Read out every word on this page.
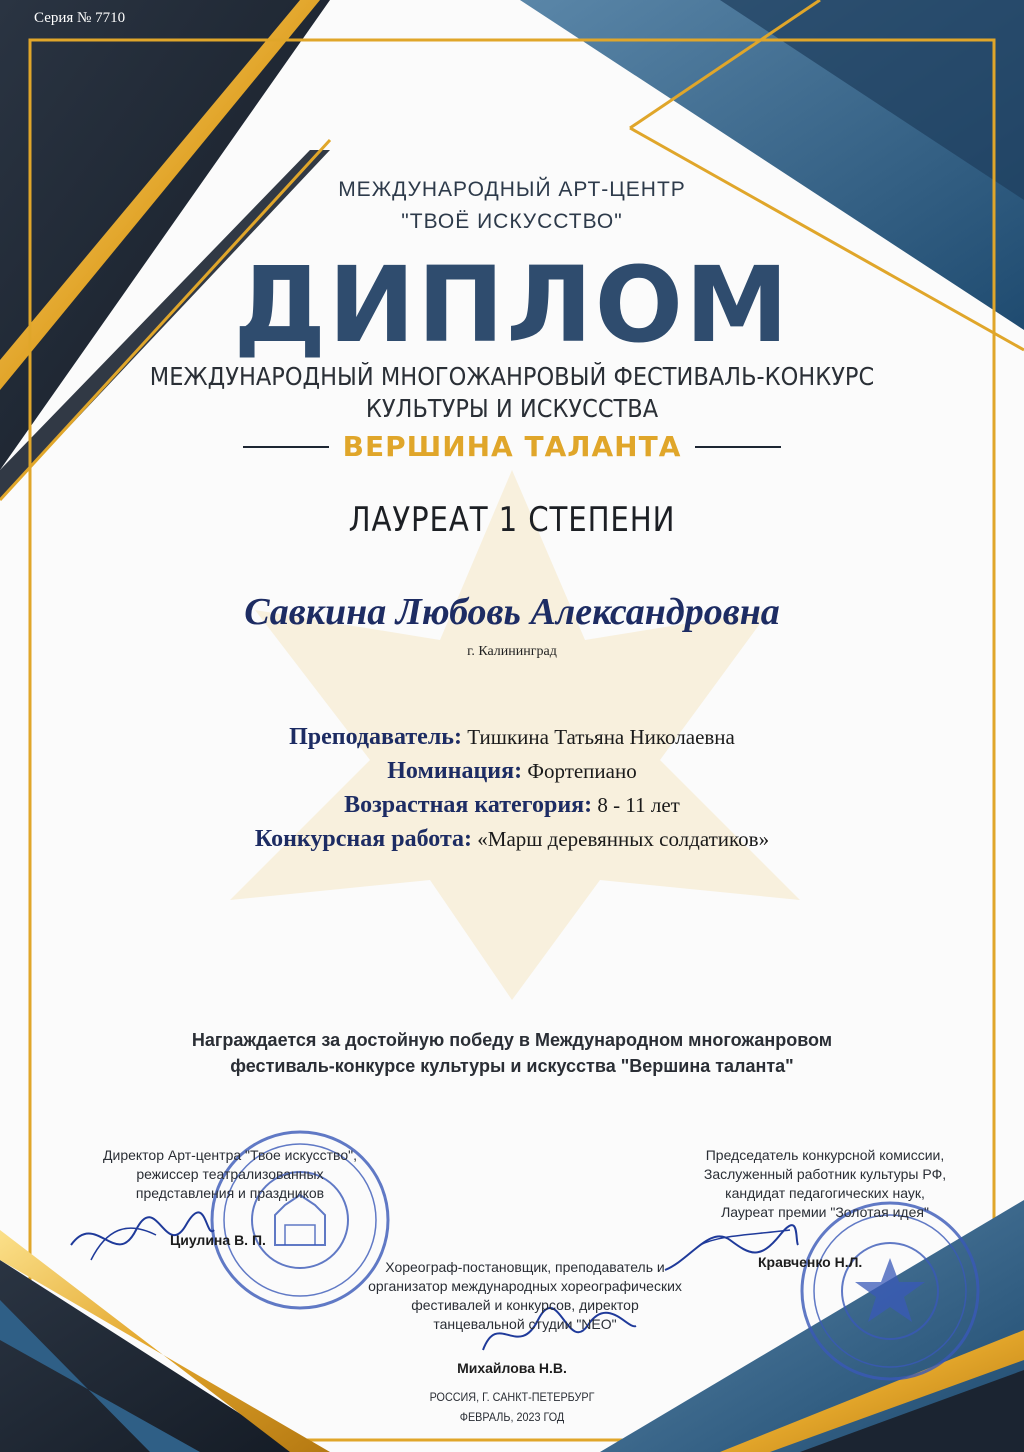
Серия № 7710
МЕЖДУНАРОДНЫЙ АРТ-ЦЕНТР
"ТВОЁ ИСКУССТВО"
ДИПЛОМ
МЕЖДУНАРОДНЫЙ МНОГОЖАНРОВЫЙ ФЕСТИВАЛЬ-КОНКУРС
КУЛЬТУРЫ И ИСКУССТВА
ВЕРШИНА ТАЛАНТА
ЛАУРЕАТ 1 СТЕПЕНИ
Савкина Любовь Александровна
г. Калининград
Преподаватель: Тишкина Татьяна Николаевна
Номинация: Фортепиано
Возрастная категория: 8 - 11 лет
Конкурсная работа: «Марш деревянных солдатиков»
Награждается за достойную победу в Международном многожанровом
фестиваль-конкурсе культуры и искусства "Вершина таланта"
Директор Арт-центра "Твое искусство",
режиссер театрализованных
представления и праздников
Циулина В. П.
Председатель конкурсной комиссии,
Заслуженный работник культуры РФ,
кандидат педагогических наук,
Лауреат премии "Золотая идея"
Кравченко Н.Л.
Хореограф-постановщик, преподаватель и
организатор международных хореографических
фестивалей и конкурсов, директор
танцевальной студии "NEO"
Михайлова Н.В.
РОССИЯ, Г. САНКТ-ПЕТЕРБУРГ
ФЕВРАЛЬ, 2023 ГОД
